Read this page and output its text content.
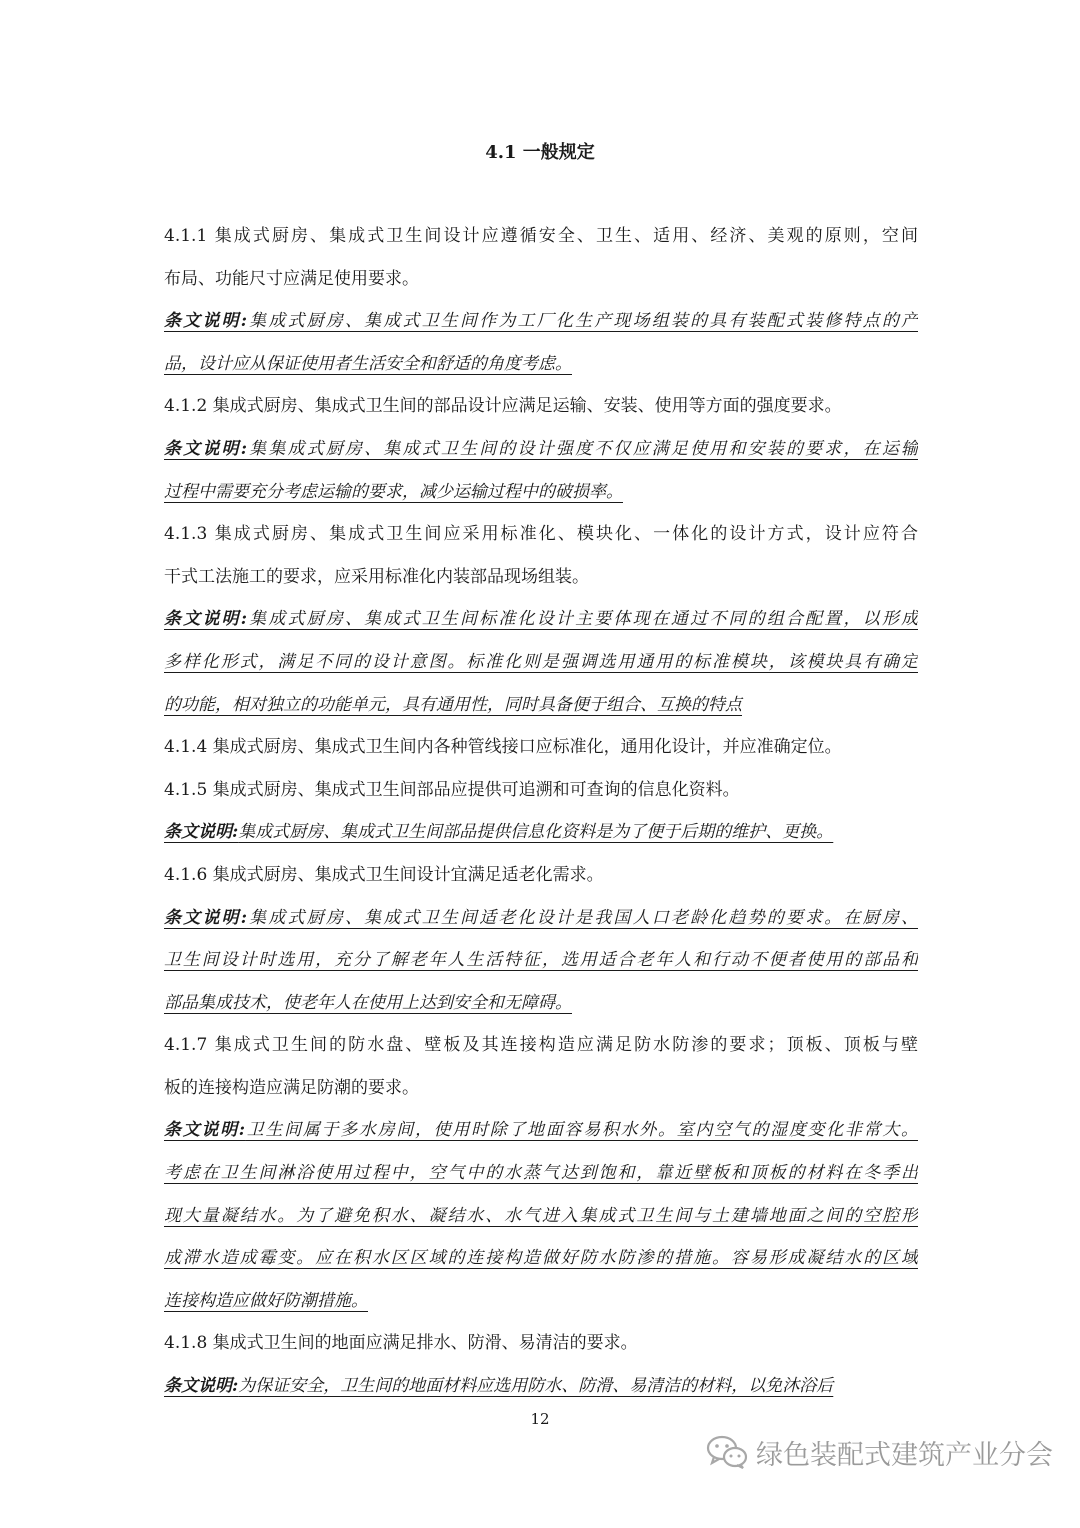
4.1 一般规定
4.1.1 集成式厨房、集成式卫生间设计应遵循安全、卫生、适用、经济、美观的原则，空间
布局、功能尺寸应满足使用要求。
条文说明:集成式厨房、集成式卫生间作为工厂化生产现场组装的具有装配式装修特点的产
品，设计应从保证使用者生活安全和舒适的角度考虑。
4.1.2 集成式厨房、集成式卫生间的部品设计应满足运输、安装、使用等方面的强度要求。
条文说明:集集成式厨房、集成式卫生间的设计强度不仅应满足使用和安装的要求，在运输
过程中需要充分考虑运输的要求，减少运输过程中的破损率。
4.1.3 集成式厨房、集成式卫生间应采用标准化、模块化、一体化的设计方式，设计应符合
干式工法施工的要求，应采用标准化内装部品现场组装。
条文说明:集成式厨房、集成式卫生间标准化设计主要体现在通过不同的组合配置，以形成
多样化形式，满足不同的设计意图。标准化则是强调选用通用的标准模块，该模块具有确定
的功能，相对独立的功能单元，具有通用性，同时具备便于组合、互换的特点
4.1.4 集成式厨房、集成式卫生间内各种管线接口应标准化，通用化设计，并应准确定位。
4.1.5 集成式厨房、集成式卫生间部品应提供可追溯和可查询的信息化资料。
条文说明:集成式厨房、集成式卫生间部品提供信息化资料是为了便于后期的维护、更换。
4.1.6 集成式厨房、集成式卫生间设计宜满足适老化需求。
条文说明:集成式厨房、集成式卫生间适老化设计是我国人口老龄化趋势的要求。在厨房、
卫生间设计时选用，充分了解老年人生活特征，选用适合老年人和行动不便者使用的部品和
部品集成技术，使老年人在使用上达到安全和无障碍。
4.1.7 集成式卫生间的防水盘、壁板及其连接构造应满足防水防渗的要求；顶板、顶板与壁
板的连接构造应满足防潮的要求。
条文说明:卫生间属于多水房间，使用时除了地面容易积水外。室内空气的湿度变化非常大。
考虑在卫生间淋浴使用过程中，空气中的水蒸气达到饱和，靠近壁板和顶板的材料在冬季出
现大量凝结水。为了避免积水、凝结水、水气进入集成式卫生间与土建墙地面之间的空腔形
成滞水造成霉变。应在积水区区域的连接构造做好防水防渗的措施。容易形成凝结水的区域
连接构造应做好防潮措施。
4.1.8 集成式卫生间的地面应满足排水、防滑、易清洁的要求。
条文说明:为保证安全，卫生间的地面材料应选用防水、防滑、易清洁的材料，以免沐浴后
12
绿色装配式建筑产业分会
